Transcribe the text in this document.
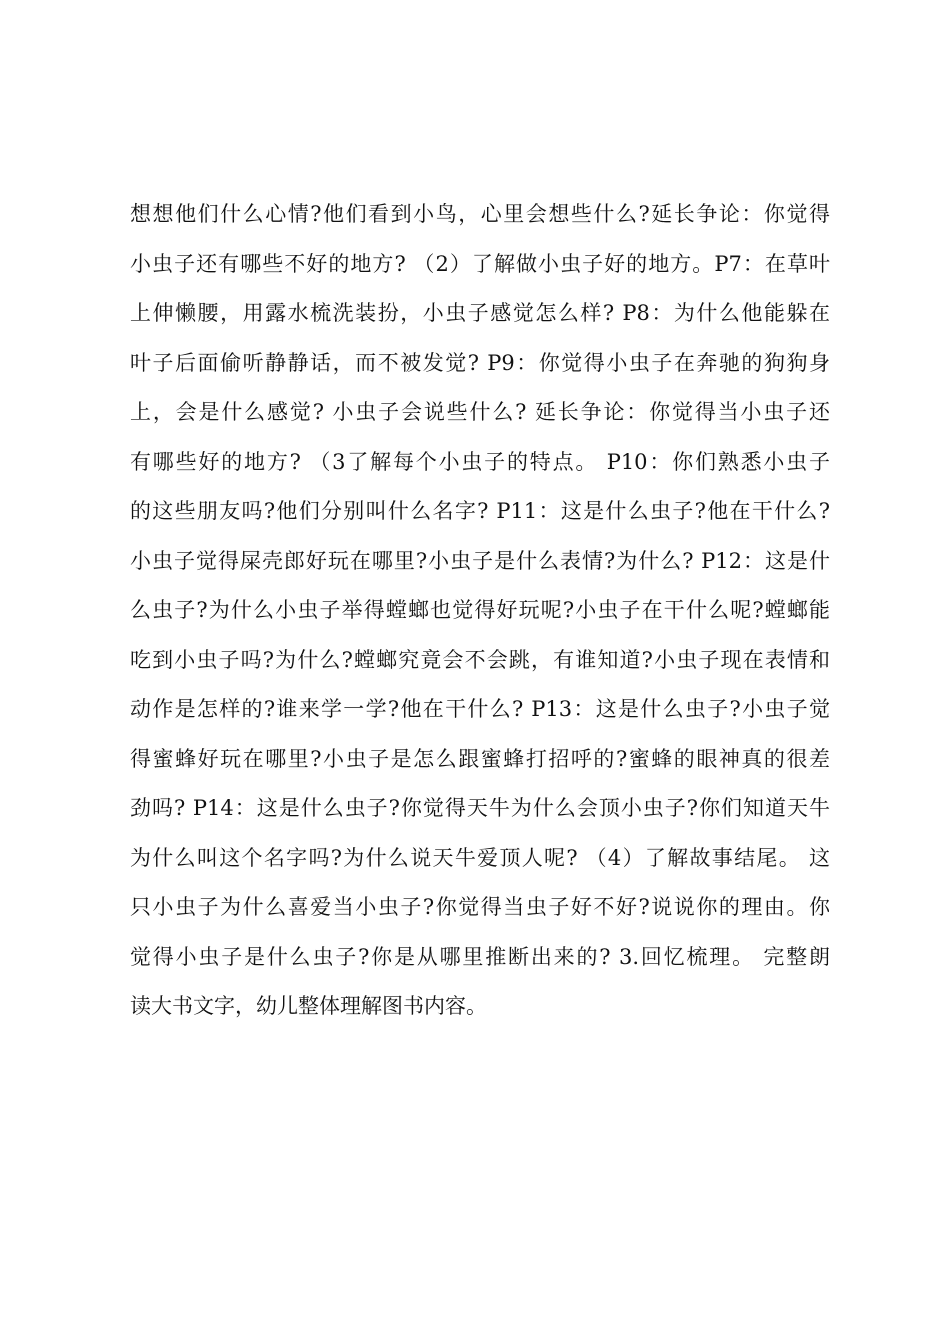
想想他们什么心情?他们看到小鸟，心里会想些什么?延长争论：你觉得
小虫子还有哪些不好的地方? （2）了解做小虫子好的地方。P7：在草叶
上伸懒腰，用露水梳洗装扮，小虫子感觉怎么样? P8：为什么他能躲在
叶子后面偷听静静话，而不被发觉? P9：你觉得小虫子在奔驰的狗狗身
上，会是什么感觉? 小虫子会说些什么? 延长争论：你觉得当小虫子还
有哪些好的地方? （3了解每个小虫子的特点。 P10：你们熟悉小虫子
的这些朋友吗?他们分别叫什么名字? P11：这是什么虫子?他在干什么?
小虫子觉得屎壳郎好玩在哪里?小虫子是什么表情?为什么? P12：这是什
么虫子?为什么小虫子举得螳螂也觉得好玩呢?小虫子在干什么呢?螳螂能
吃到小虫子吗?为什么?螳螂究竟会不会跳，有谁知道?小虫子现在表情和
动作是怎样的?谁来学一学?他在干什么? P13：这是什么虫子?小虫子觉
得蜜蜂好玩在哪里?小虫子是怎么跟蜜蜂打招呼的?蜜蜂的眼神真的很差
劲吗? P14：这是什么虫子?你觉得天牛为什么会顶小虫子?你们知道天牛
为什么叫这个名字吗?为什么说天牛爱顶人呢? （4）了解故事结尾。 这
只小虫子为什么喜爱当小虫子?你觉得当虫子好不好?说说你的理由。你
觉得小虫子是什么虫子?你是从哪里推断出来的? 3.回忆梳理。 完整朗
读大书文字，幼儿整体理解图书内容。
